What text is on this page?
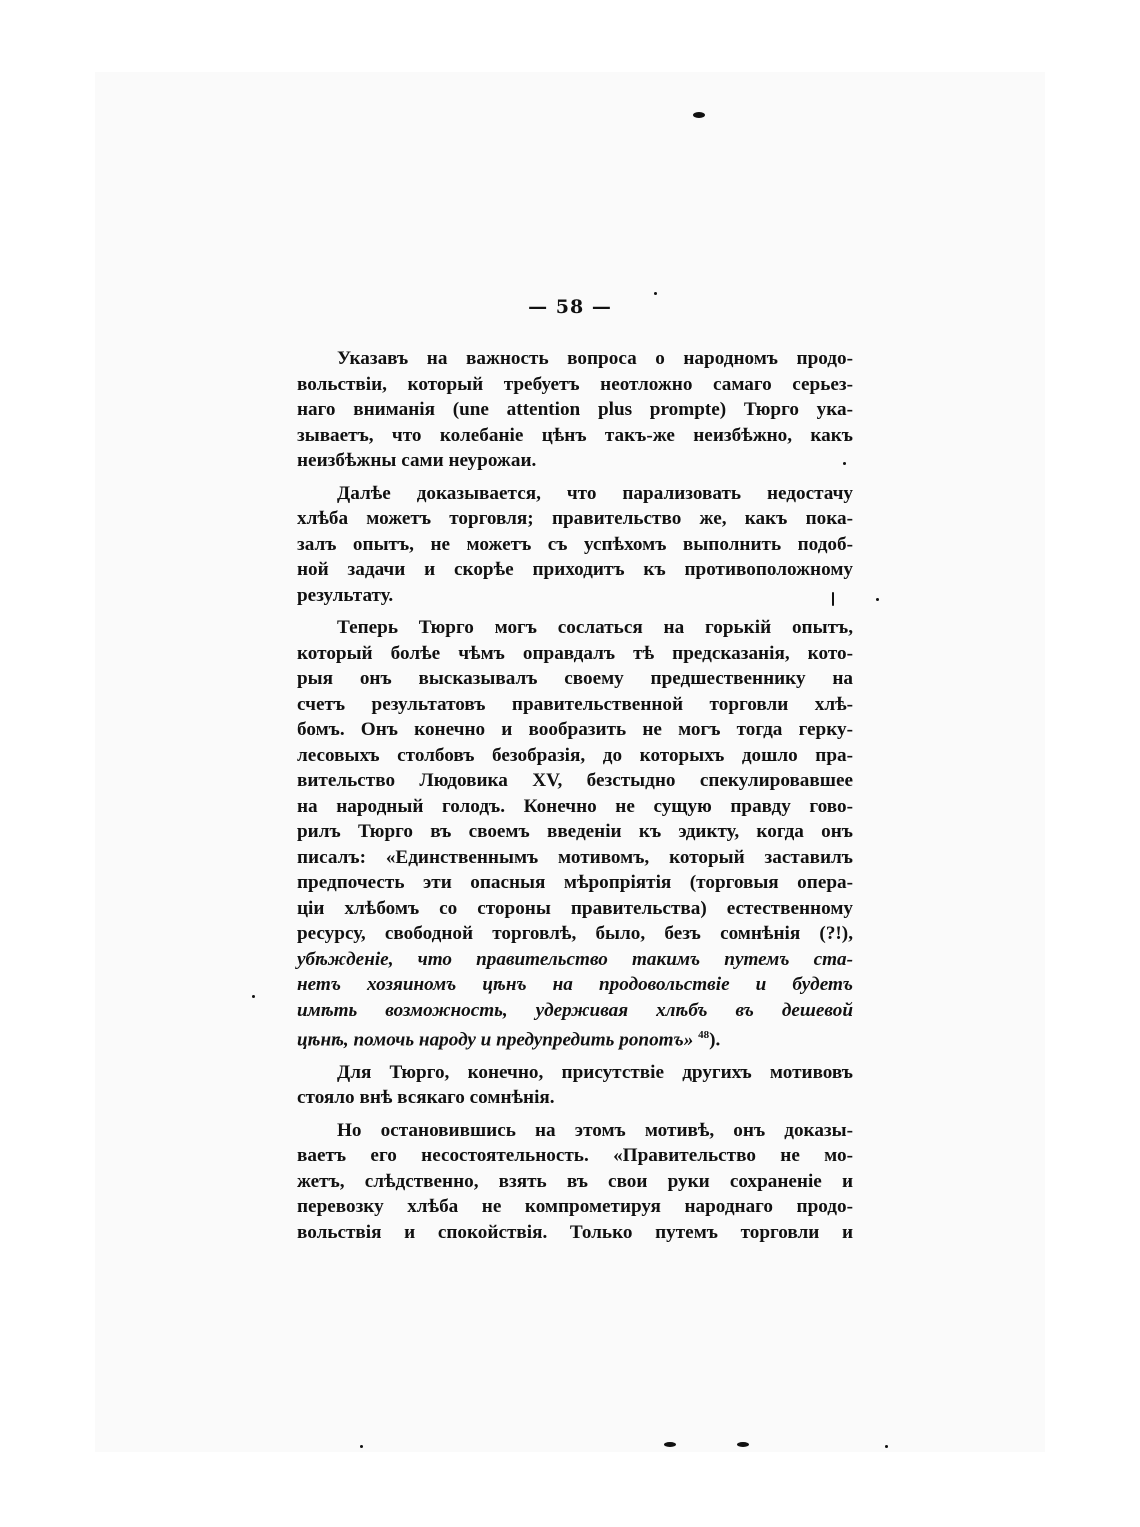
— 58 —
Указавъ на важность вопроса о народномъ продо-
вольствіи, который требуетъ неотложно самаго серьез-
наго вниманія (une attention plus prompte) Тюрго ука-
зываетъ, что колебаніе цѣнъ такъ-же неизбѣжно, какъ
неизбѣжны сами неурожаи.
Далѣе доказывается, что парализовать недостачу
хлѣба можетъ торговля; правительство же, какъ пока-
залъ опытъ, не можетъ съ успѣхомъ выполнить подоб-
ной задачи и скорѣе приходитъ къ противоположному
результату.
Теперь Тюрго могъ сослаться на горькій опытъ,
который болѣе чѣмъ оправдалъ тѣ предсказанія, кото-
рыя онъ высказывалъ своему предшественнику на
счетъ результатовъ правительственной торговли хлѣ-
бомъ. Онъ конечно и вообразить не могъ тогда герку-
лесовыхъ столбовъ безобразія, до которыхъ дошло пра-
вительство Людовика XV, безстыдно спекулировавшее
на народный голодъ. Конечно не сущую правду гово-
рилъ Тюрго въ своемъ введеніи къ эдикту, когда онъ
писалъ: «Единственнымъ мотивомъ, который заставилъ
предпочесть эти опасныя мѣропріятія (торговыя опера-
ціи хлѣбомъ со стороны правительства) естественному
ресурсу, свободной торговлѣ, было, безъ сомнѣнія (?!),
убѣжденіе, что правительство такимъ путемъ ста-
нетъ хозяиномъ цѣнъ на продовольствіе и будетъ
имѣть возможность, удерживая хлѣбъ въ дешевой
цѣнѣ, помочь народу и предупредить ропотъ» $^{48}$).
Для Тюрго, конечно, присутствіе другихъ мотивовъ
стояло внѣ всякаго сомнѣнія.
Но остановившись на этомъ мотивѣ, онъ доказы-
ваетъ его несостоятельность. «Правительство не мо-
жетъ, слѣдственно, взять въ свои руки сохраненіе и
перевозку хлѣба не компрометируя народнаго продо-
вольствія и спокойствія. Только путемъ торговли и
